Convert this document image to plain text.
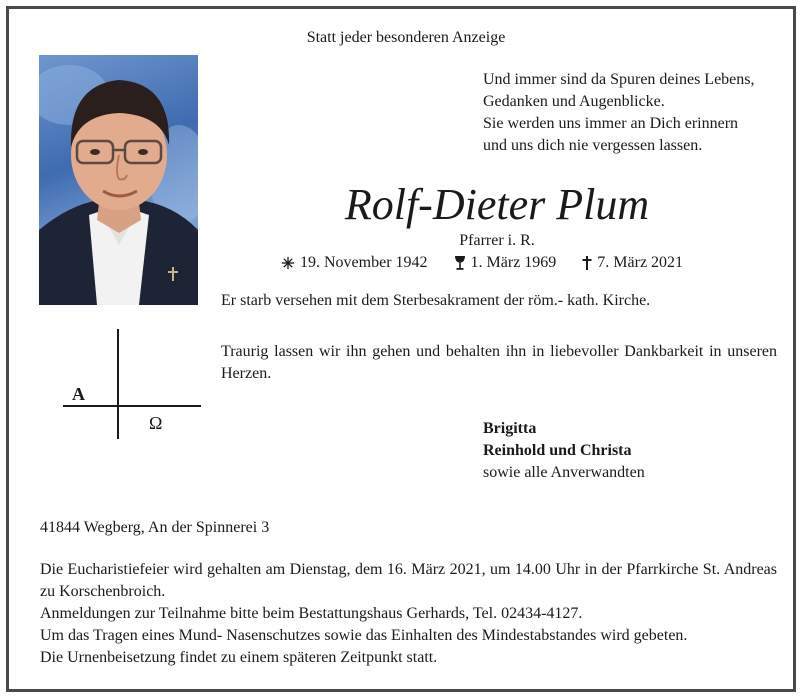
Statt jeder besonderen Anzeige
Und immer sind da Spuren deines Lebens,
Gedanken und Augenblicke.
Sie werden uns immer an Dich erinnern
und uns dich nie vergessen lassen.
Rolf-Dieter Plum
Pfarrer i. R.
19. November 1942	1. März 1969	7. März 2021
Er starb versehen mit dem Sterbesakrament der röm.- kath. Kirche.
Traurig lassen wir ihn gehen und behalten ihn in liebevoller Dankbarkeit in unseren Herzen.
A
Ω	Brigitta
Reinhold und Christa
sowie alle Anverwandten
41844 Wegberg, An der Spinnerei 3
Die Eucharistiefeier wird gehalten am Dienstag, dem 16. März 2021, um 14.00 Uhr in der Pfarrkirche St. Andreas zu Korschenbroich.
Anmeldungen zur Teilnahme bitte beim Bestattungshaus Gerhards, Tel. 02434-4127.
Um das Tragen eines Mund- Nasenschutzes sowie das Einhalten des Mindestabstandes wird gebeten.
Die Urnenbeisetzung findet zu einem späteren Zeitpunkt statt.
